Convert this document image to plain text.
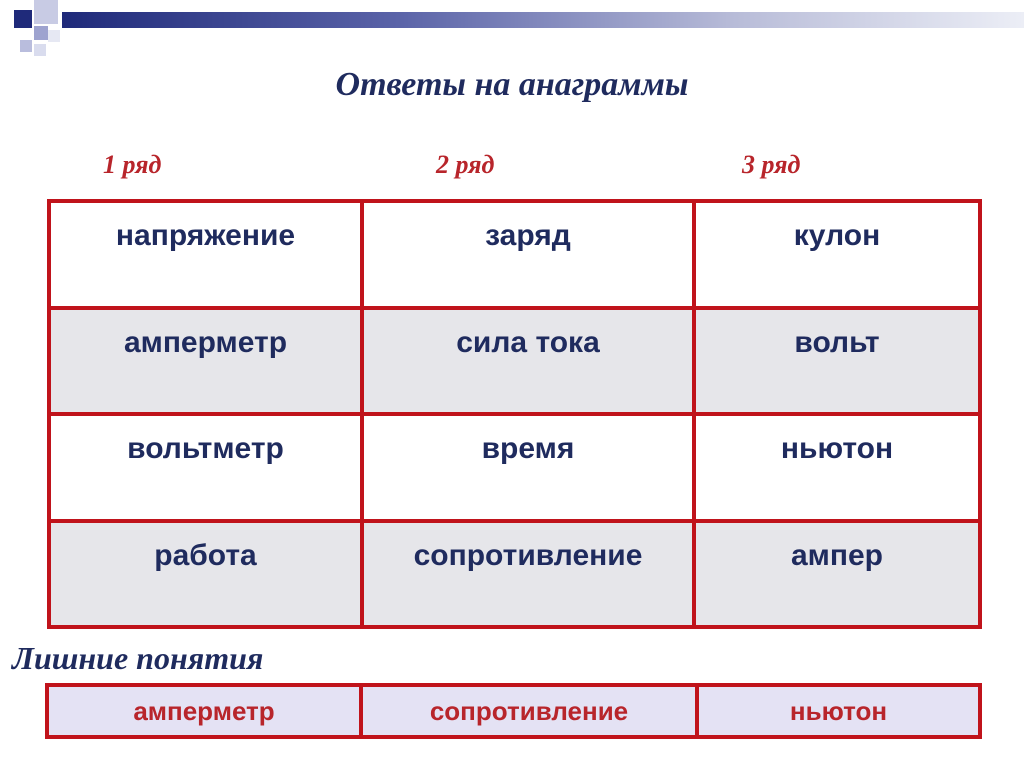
Ответы на анаграммы
1 ряд	2 ряд	3 ряд
напряжение	заряд	кулон
амперметр	сила тока	вольт
вольтметр	время	ньютон
работа	сопротивление	ампер
Лишние понятия
амперметр	сопротивление	ньютон
